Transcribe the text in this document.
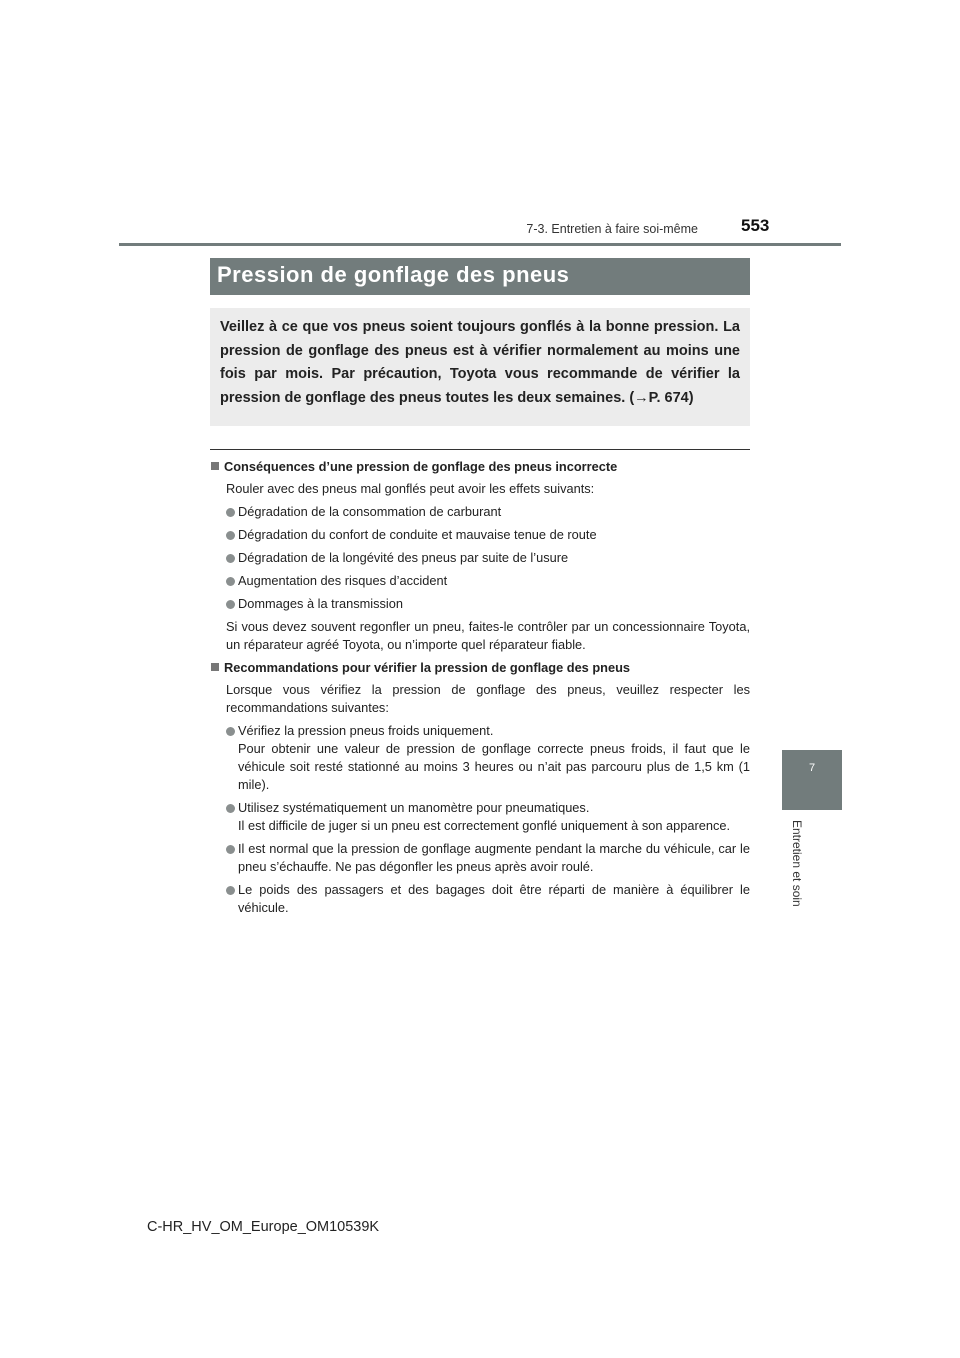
7-3. Entretien à faire soi-même	553
7
Entretien et soin
Pression de gonflage des pneus
Veillez à ce que vos pneus soient toujours gonflés à la bonne pression. La pression de gonflage des pneus est à vérifier normalement au moins une fois par mois. Par précaution, Toyota vous recommande de vérifier la pression de gonflage des pneus toutes les deux semaines. (→P. 674)
Conséquences d’une pression de gonflage des pneus incorrecte
Rouler avec des pneus mal gonflés peut avoir les effets suivants:
Dégradation de la consommation de carburant
Dégradation du confort de conduite et mauvaise tenue de route
Dégradation de la longévité des pneus par suite de l’usure
Augmentation des risques d’accident
Dommages à la transmission
Si vous devez souvent regonfler un pneu, faites-le contrôler par un concessionnaire Toyota, un réparateur agréé Toyota, ou n’importe quel réparateur fiable.
Recommandations pour vérifier la pression de gonflage des pneus
Lorsque vous vérifiez la pression de gonflage des pneus, veuillez respecter les recommandations suivantes:
Vérifiez la pression pneus froids uniquement.
Pour obtenir une valeur de pression de gonflage correcte pneus froids, il faut que le véhicule soit resté stationné au moins 3 heures ou n’ait pas parcouru plus de 1,5 km (1 mile).
Utilisez systématiquement un manomètre pour pneumatiques.
Il est difficile de juger si un pneu est correctement gonflé uniquement à son apparence.
Il est normal que la pression de gonflage augmente pendant la marche du véhicule, car le pneu s’échauffe. Ne pas dégonfler les pneus après avoir roulé.
Le poids des passagers et des bagages doit être réparti de manière à équilibrer le véhicule.
C-HR_HV_OM_Europe_OM10539K
